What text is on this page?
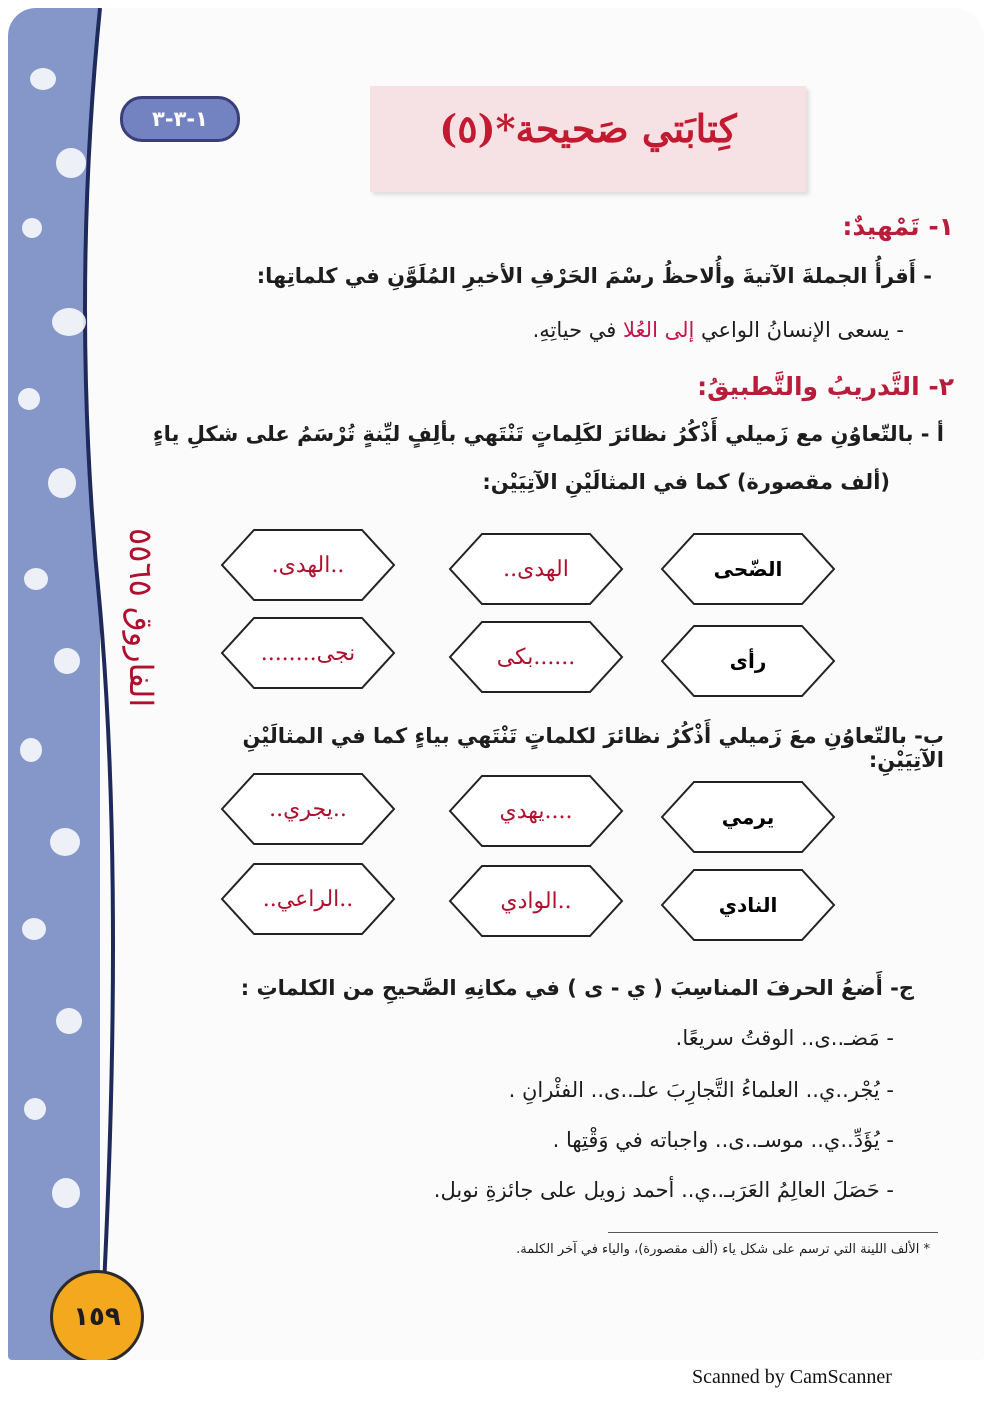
١-٣-٣	كِتابَتي صَحيحة*(٥)
١- تَمْهيدٌ:
- أَقرأُ الجملةَ الآتيةَ وأُلاحظُ رسْمَ الحَرْفِ الأخيرِ المُلَوَّنِ في كلماتِها:
- يسعى الإنسانُ الواعي إلى العُلا في حياتِهِ.
٢- التَّدريبُ والتَّطبيقُ:
أ - بالتّعاوُنِ مع زَميلي أَذْكُرُ نظائرَ لكَلِماتٍ تَنْتَهي بألِفٍ ليِّنةٍ تُرْسَمُ على شكلِ ياءٍ
(ألف مقصورة) كما في المثالَيْنِ الآتِيَيْن:
الضّحى
الهدى..
..الهدى.
رأى
......بكى
نجى........
ب- بالتّعاوُنِ معَ زَميلي أَذْكُرُ نظائرَ لكلماتٍ تَنْتَهي بياءٍ كما في المثالَيْنِ الآتِيَيْنِ:
يرمي
....يهدي
..يجري..
النادي
..الوادي
..الراعي..
ج- أَضعُ الحرفَ المناسِبَ ( ي - ى ) في مكانِهِ الصَّحيحِ من الكلماتِ :
- مَضـ..ى.. الوقتُ سريعًا.
- يُجْر..ي.. العلماءُ التَّجارِبَ علـ..ى.. الفئْرانِ .
- يُؤَدِّ..ي.. موسـ..ى.. واجباته في وَقْتِها .
- حَصَلَ العالِمُ العَرَبـ..ي.. أحمد زويل على جائزةِ نوبل.
الفاروق ٥٥٦٥
* الألف اللينة التي ترسم على شكل ياء (ألف مقصورة)، والياء في آخر الكلمة.
١٥٩
Scanned by CamScanner
